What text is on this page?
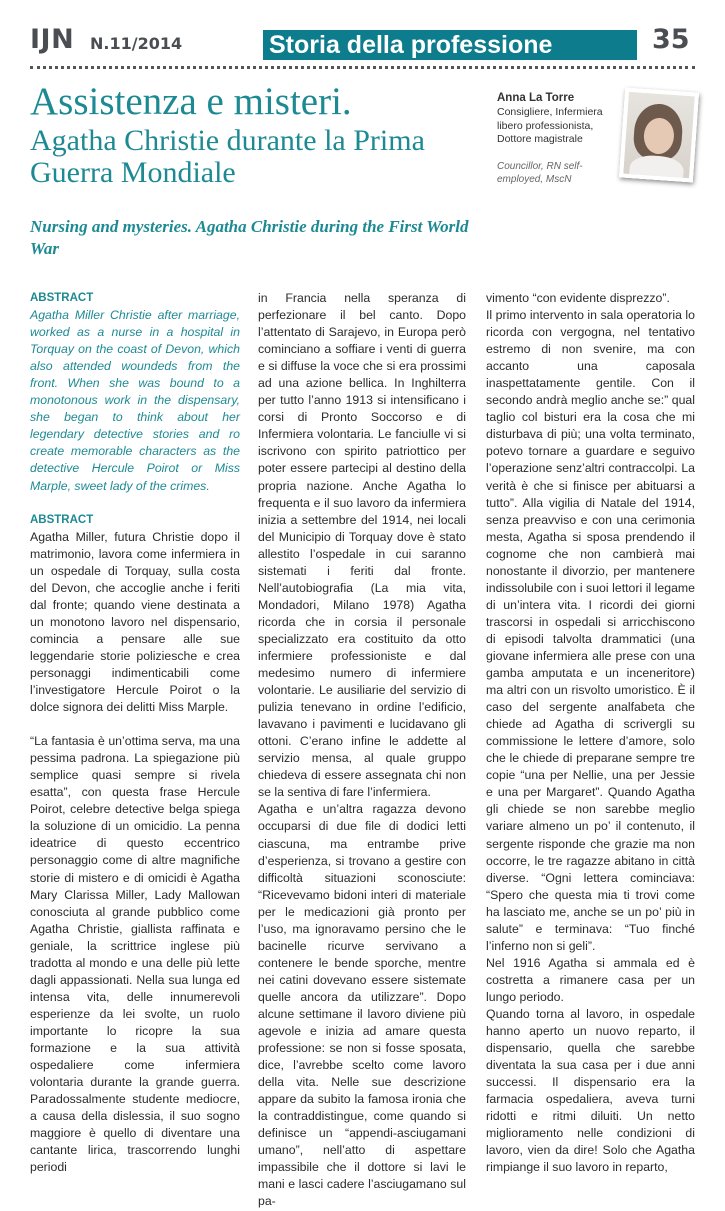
IJN N.11/2014	Storia della professione	35
Assistenza e misteri.
Agatha Christie durante la Prima Guerra Mondiale
Nursing and mysteries. Agatha Christie during the First World War
Anna La Torre
Consigliere, Infermiera libero professionista, Dottore magistrale
Councillor, RN self-employed, MscN

ABSTRACT

Agatha Miller Christie after marriage, worked as a nurse in a hospital in Torquay on the coast of Devon, which also attended woundeds from the front. When she was bound to a monotonous work in the dispensary, she began to think about her legendary detective stories and ro create memorable characters as the detective Hercule Poirot or Miss Marple, sweet lady of the crimes.

ABSTRACT

Agatha Miller, futura Christie dopo il matrimonio, lavora come infermiera in un ospedale di Torquay, sulla costa del Devon, che accoglie anche i feriti dal fronte; quando viene destinata a un monotono lavoro nel dispensario, comincia a pensare alle sue leggendarie storie poliziesche e crea personaggi indimenticabili come l’investigatore Hercule Poirot o la dolce signora dei delitti Miss Marple.

“La fantasia è un’ottima serva, ma una pessima padrona. La spiegazione più semplice quasi sempre si rivela esatta”, con questa frase Hercule Poirot, celebre detective belga spiega la soluzione di un omicidio. La penna ideatrice di questo eccentrico personaggio come di altre magnifiche storie di mistero e di omicidi è Agatha Mary Clarissa Miller, Lady Mallowan conosciuta al grande pubblico come Agatha Christie, giallista raffinata e geniale, la scrittrice inglese più tradotta al mondo e una delle più lette dagli appassionati. Nella sua lunga ed intensa vita, delle innumerevoli esperienze da lei svolte, un ruolo importante lo ricopre la sua formazione e la sua attività ospedaliere come infermiera volontaria durante la grande guerra. Paradossalmente studente mediocre, a causa della dislessia, il suo sogno maggiore è quello di diventare una cantante lirica, trascorrendo lunghi periodi

in Francia nella speranza di perfezionare il bel canto. Dopo l’attentato di Sarajevo, in Europa però cominciano a soffiare i venti di guerra e si diffuse la voce che si era prossimi ad una azione bellica. In Inghilterra per tutto l’anno 1913 si intensificano i corsi di Pronto Soccorso e di Infermiera volontaria. Le fanciulle vi si iscrivono con spirito patriottico per poter essere partecipi al destino della propria nazione. Anche Agatha lo frequenta e il suo lavoro da infermiera inizia a settembre del 1914, nei locali del Municipio di Torquay dove è stato allestito l’ospedale in cui saranno sistemati i feriti dal fronte. Nell’autobiografia (La mia vita, Mondadori, Milano 1978) Agatha ricorda che in corsia il personale specializzato era costituito da otto infermiere professioniste e dal medesimo numero di infermiere volontarie. Le ausiliarie del servizio di pulizia tenevano in ordine l’edificio, lavavano i pavimenti e lucidavano gli ottoni. C’erano infine le addette al servizio mensa, al quale gruppo chiedeva di essere assegnata chi non se la sentiva di fare l’infermiera.

Agatha e un’altra ragazza devono occuparsi di due file di dodici letti ciascuna, ma entrambe prive d’esperienza, si trovano a gestire con difficoltà situazioni sconosciute: “Ricevevamo bidoni interi di materiale per le medicazioni già pronto per l’uso, ma ignoravamo persino che le bacinelle ricurve servivano a contenere le bende sporche, mentre nei catini dovevano essere sistemate quelle ancora da utilizzare”. Dopo alcune settimane il lavoro diviene più agevole e inizia ad amare questa professione: se non si fosse sposata, dice, l’avrebbe scelto come lavoro della vita. Nelle sue descrizione appare da subito la famosa ironia che la contraddistingue, come quando si definisce un “appendi-asciugamani umano”, nell’atto di aspettare impassibile che il dottore si lavi le mani e lasci cadere l’asciugamano sul pa-

vimento “con evidente disprezzo”.

Il primo intervento in sala operatoria lo ricorda con vergogna, nel tentativo estremo di non svenire, ma con accanto una caposala inaspettatamente gentile. Con il secondo andrà meglio anche se:” qual taglio col bisturi era la cosa che mi disturbava di più; una volta terminato, potevo tornare a guardare e seguivo l’operazione senz’altri contraccolpi. La verità è che si finisce per abituarsi a tutto”. Alla vigilia di Natale del 1914, senza preavviso e con una cerimonia mesta, Agatha si sposa prendendo il cognome che non cambierà mai nonostante il divorzio, per mantenere indissolubile con i suoi lettori il legame di un’intera vita. I ricordi dei giorni trascorsi in ospedali si arricchiscono di episodi talvolta drammatici (una giovane infermiera alle prese con una gamba amputata e un inceneritore) ma altri con un risvolto umoristico. È il caso del sergente analfabeta che chiede ad Agatha di scrivergli su commissione le lettere d’amore, solo che le chiede di preparane sempre tre copie “una per Nellie, una per Jessie e una per Margaret”. Quando Agatha gli chiede se non sarebbe meglio variare almeno un po’ il contenuto, il sergente risponde che grazie ma non occorre, le tre ragazze abitano in città diverse. “Ogni lettera cominciava: “Spero che questa mia ti trovi come ha lasciato me, anche se un po’ più in salute” e terminava: “Tuo finché l’inferno non si geli”.

Nel 1916 Agatha si ammala ed è costretta a rimanere casa per un lungo periodo.

Quando torna al lavoro, in ospedale hanno aperto un nuovo reparto, il dispensario, quella che sarebbe diventata la sua casa per i due anni successi. Il dispensario era la farmacia ospedaliera, aveva turni ridotti e ritmi diluiti. Un netto miglioramento nelle condizioni di lavoro, vien da dire! Solo che Agatha rimpiange il suo lavoro in reparto,
